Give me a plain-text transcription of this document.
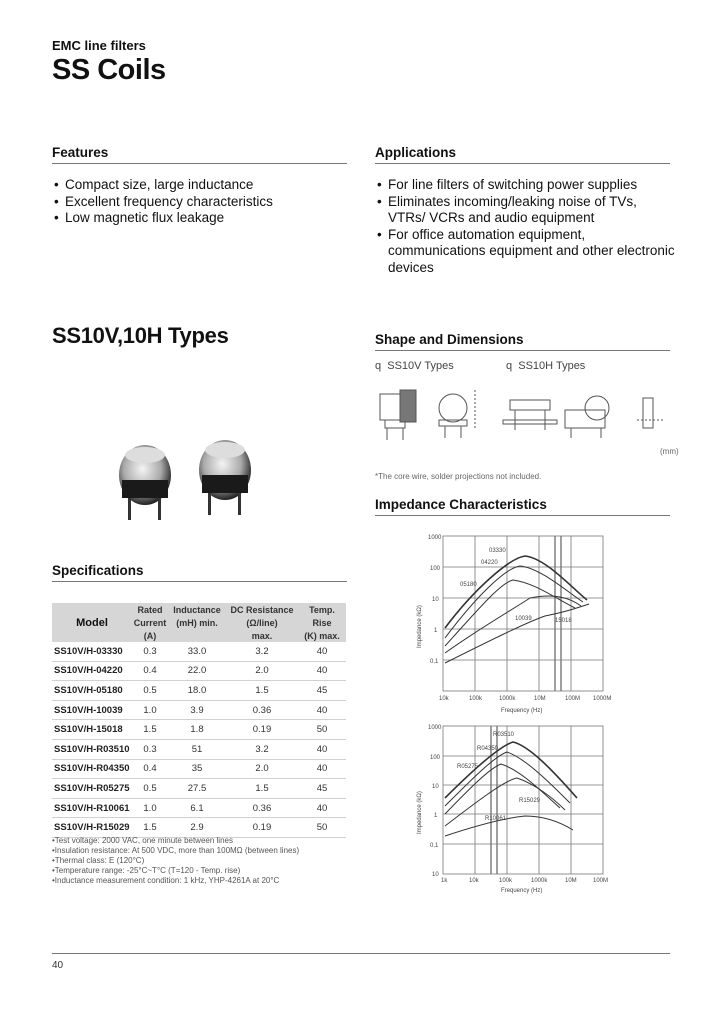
EMC line filters
SS Coils
Features
• Compact size, large inductance
• Excellent frequency characteristics
• Low magnetic flux leakage
Applications
• For line filters of switching power supplies
• Eliminates incoming/leaking noise of TVs, VTRs/ VCRs and audio equipment
• For office automation equipment, communications equipment and other electronic devices
SS10V,10H Types	Shape and Dimensions
q SS10V Types	q SS10H Types
(mm)
*The core wire, solder projections not included.
Impedance Characteristics
03330
04220
05180
10039	15018
1000
100
10
1
0.1
10k	100k	1000k	10M	100M 1000M
Frequency (Hz)
Impedance (kΩ)
R03510
R04350
R05275
R10061
R15029
1000
100
10
1
0.1
10
1k	10k	100k	1000k	10M	100M
Frequency (Hz)
Impedance (kΩ)
Specifications
Model	Rated	Inductance	DC Resistance	Temp.
	Current	(mH) min.	(Ω/line)	Rise
	(A)		max.	(K) max.
SS10V/H-03330	0.3	33.0	3.2	40
SS10V/H-04220	0.4	22.0	2.0	40
SS10V/H-05180	0.5	18.0	1.5	45
SS10V/H-10039	1.0	3.9	0.36	40
SS10V/H-15018	1.5	1.8	0.19	50
SS10V/H-R03510	0.3	51	3.2	40
SS10V/H-R04350	0.4	35	2.0	40
SS10V/H-R05275	0.5	27.5	1.5	45
SS10V/H-R10061	1.0	6.1	0.36	40
SS10V/H-R15029	1.5	2.9	0.19	50
•Test voltage: 2000 VAC, one minute between lines
•Insulation resistance: At 500 VDC, more than 100MΩ (between lines)
•Thermal class: E (120°C)
•Temperature range: -25°C~T°C (T=120 - Temp. rise)
•Inductance measurement condition: 1 kHz, YHP-4261A at 20°C
40
